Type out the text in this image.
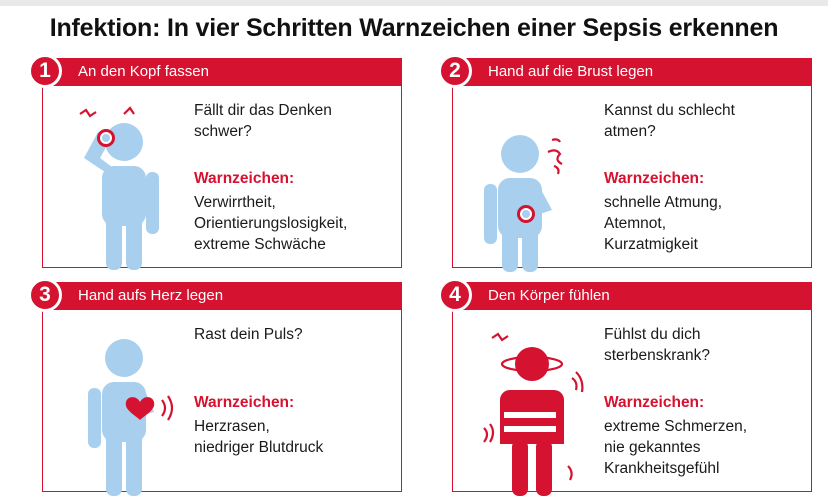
Infektion: In vier Schritten Warnzeichen einer Sepsis erkennen
1	An den Kopf fassen
Fällt dir das Denken
schwer?
Warnzeichen:
Verwirrtheit,
Orientierungslosigkeit,
extreme Schwäche
2	Hand auf die Brust legen
Kannst du schlecht
atmen?
Warnzeichen:
schnelle Atmung,
Atemnot,
Kurzatmigkeit
3	Hand aufs Herz legen
Rast dein Puls?
Warnzeichen:
Herzrasen,
niedriger Blutdruck
4	Den Körper fühlen
Fühlst du dich
sterbenskrank?
Warnzeichen:
extreme Schmerzen,
nie gekanntes
Krankheitsgefühl
